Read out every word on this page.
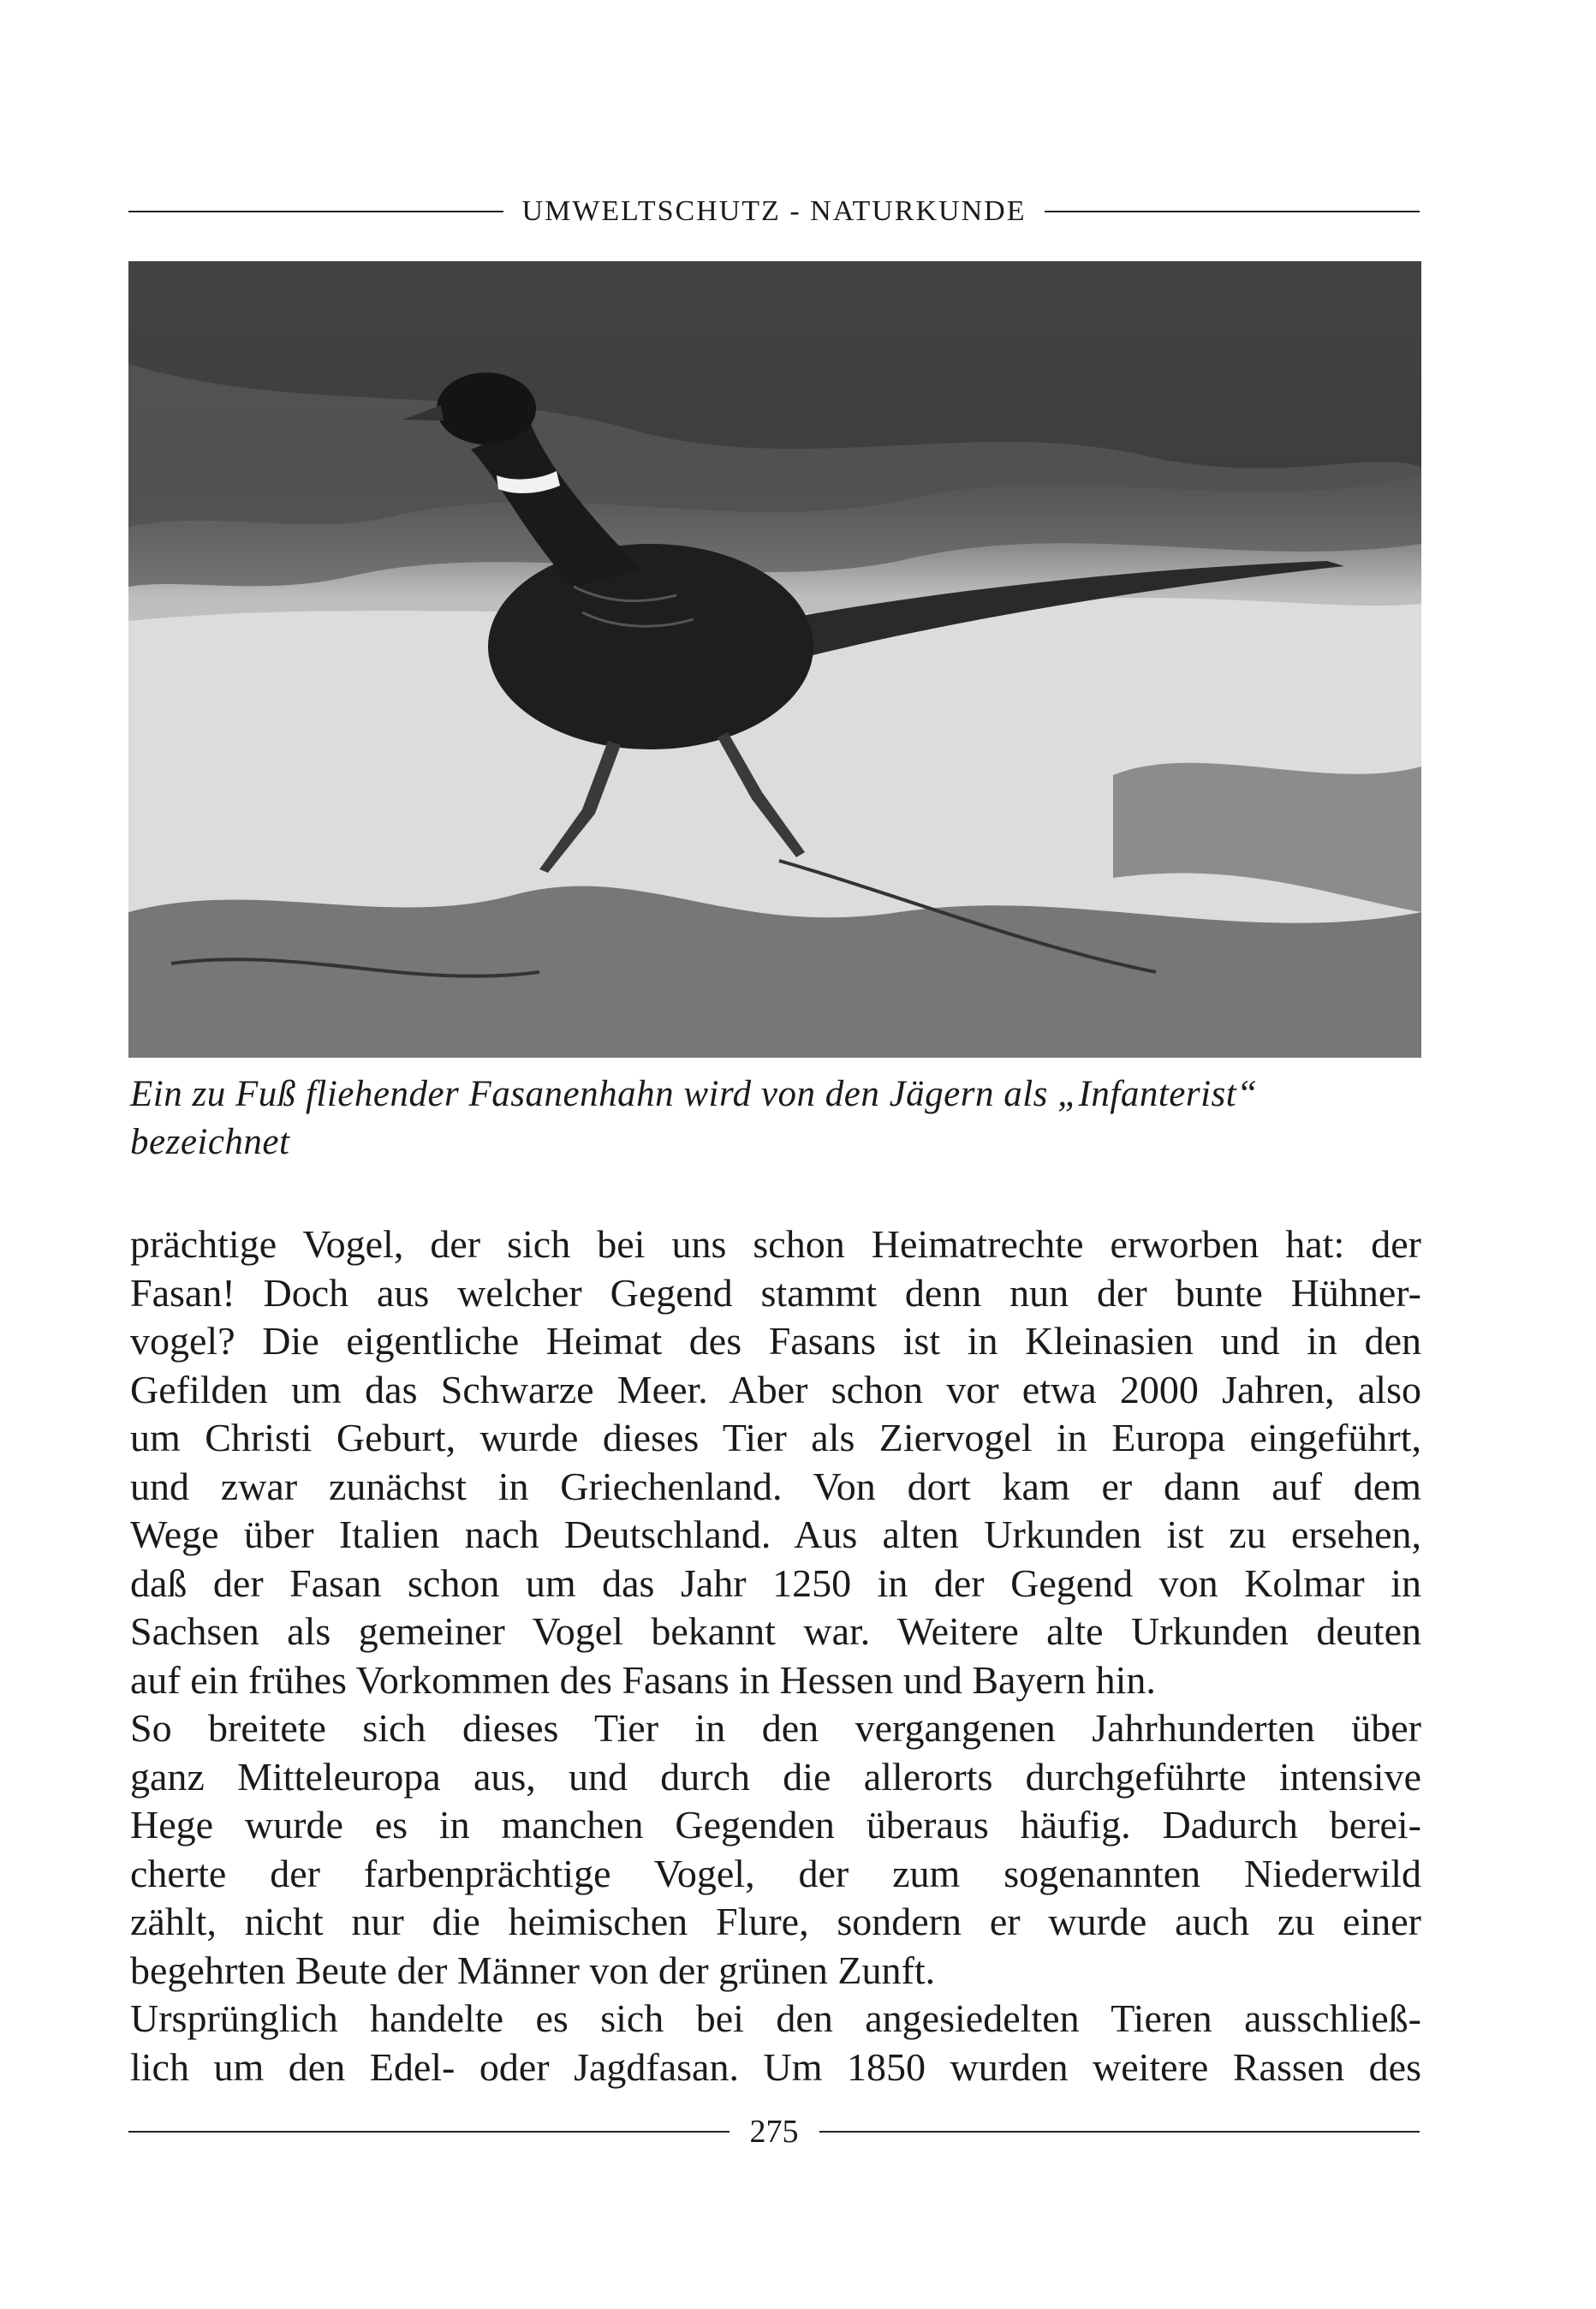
UMWELTSCHUTZ - NATURKUNDE

Ein zu Fuß fliehender Fasanenhahn wird von den Jägern als „Infanterist“

bezeichnet

prächtige Vogel, der sich bei uns schon Heimatrechte erworben hat: der
Fasan! Doch aus welcher Gegend stammt denn nun der bunte Hühner-
vogel? Die eigentliche Heimat des Fasans ist in Kleinasien und in den
Gefilden um das Schwarze Meer. Aber schon vor etwa 2000 Jahren, also
um Christi Geburt, wurde dieses Tier als Ziervogel in Europa eingeführt,
und zwar zunächst in Griechenland. Von dort kam er dann auf dem
Wege über Italien nach Deutschland. Aus alten Urkunden ist zu ersehen,
daß der Fasan schon um das Jahr 1250 in der Gegend von Kolmar in
Sachsen als gemeiner Vogel bekannt war. Weitere alte Urkunden deuten
auf ein frühes Vorkommen des Fasans in Hessen und Bayern hin.
So breitete sich dieses Tier in den vergangenen Jahrhunderten über
ganz Mitteleuropa aus, und durch die allerorts durchgeführte intensive
Hege wurde es in manchen Gegenden überaus häufig. Dadurch berei-
cherte der farbenprächtige Vogel, der zum sogenannten Niederwild
zählt, nicht nur die heimischen Flure, sondern er wurde auch zu einer
begehrten Beute der Männer von der grünen Zunft.
Ursprünglich handelte es sich bei den angesiedelten Tieren ausschließ-
lich um den Edel- oder Jagdfasan. Um 1850 wurden weitere Rassen des
275
